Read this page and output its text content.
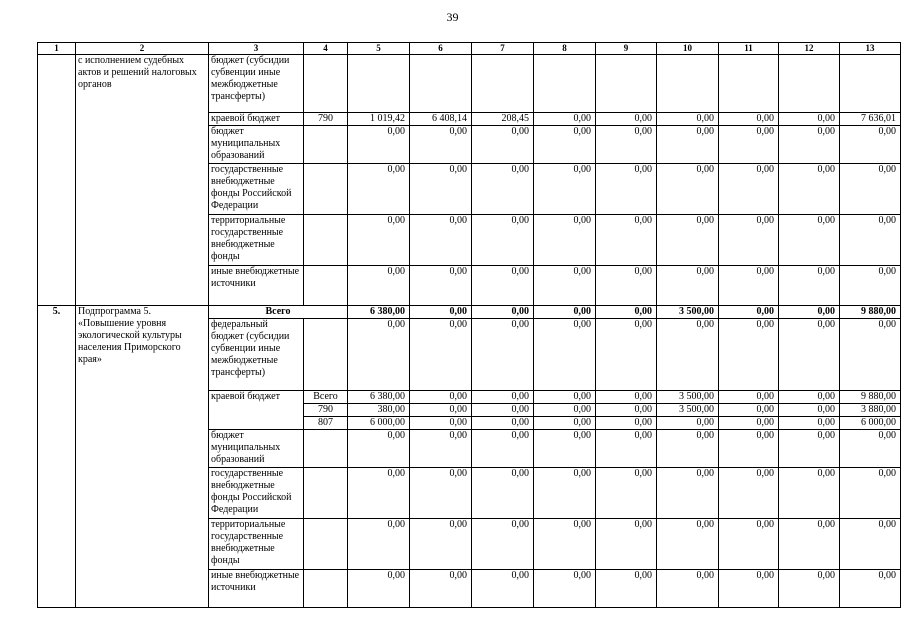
39
1	2	3	4	5	6	7	8	9	10	11	12	13
	с исполнением судебных актов и решений налоговых органов	бюджет (субсидии субвенции иные межбюджетные трансферты)										
		краевой бюджет	790	1 019,42	6 408,14	208,45	0,00	0,00	0,00	0,00	0,00	7 636,01
		бюджет муниципальных образований		0,00	0,00	0,00	0,00	0,00	0,00	0,00	0,00	0,00
		государственные внебюджетные фонды Российской Федерации		0,00	0,00	0,00	0,00	0,00	0,00	0,00	0,00	0,00
		территориальные государственные внебюджетные фонды		0,00	0,00	0,00	0,00	0,00	0,00	0,00	0,00	0,00
		иные внебюджетные источники		0,00	0,00	0,00	0,00	0,00	0,00	0,00	0,00	0,00
5.	Подпрограмма 5. «Повышение уровня экологической культуры населения Приморского края»	Всего		6 380,00	0,00	0,00	0,00	0,00	3 500,00	0,00	0,00	9 880,00
		федеральный бюджет (субсидии субвенции иные межбюджетные трансферты)		0,00	0,00	0,00	0,00	0,00	0,00	0,00	0,00	0,00
		краевой бюджет	Всего	6 380,00	0,00	0,00	0,00	0,00	3 500,00	0,00	0,00	9 880,00
			790	380,00	0,00	0,00	0,00	0,00	3 500,00	0,00	0,00	3 880,00
			807	6 000,00	0,00	0,00	0,00	0,00	0,00	0,00	0,00	6 000,00
		бюджет муниципальных образований		0,00	0,00	0,00	0,00	0,00	0,00	0,00	0,00	0,00
		государственные внебюджетные фонды Российской Федерации		0,00	0,00	0,00	0,00	0,00	0,00	0,00	0,00	0,00
		территориальные государственные внебюджетные фонды		0,00	0,00	0,00	0,00	0,00	0,00	0,00	0,00	0,00
		иные внебюджетные источники		0,00	0,00	0,00	0,00	0,00	0,00	0,00	0,00	0,00
